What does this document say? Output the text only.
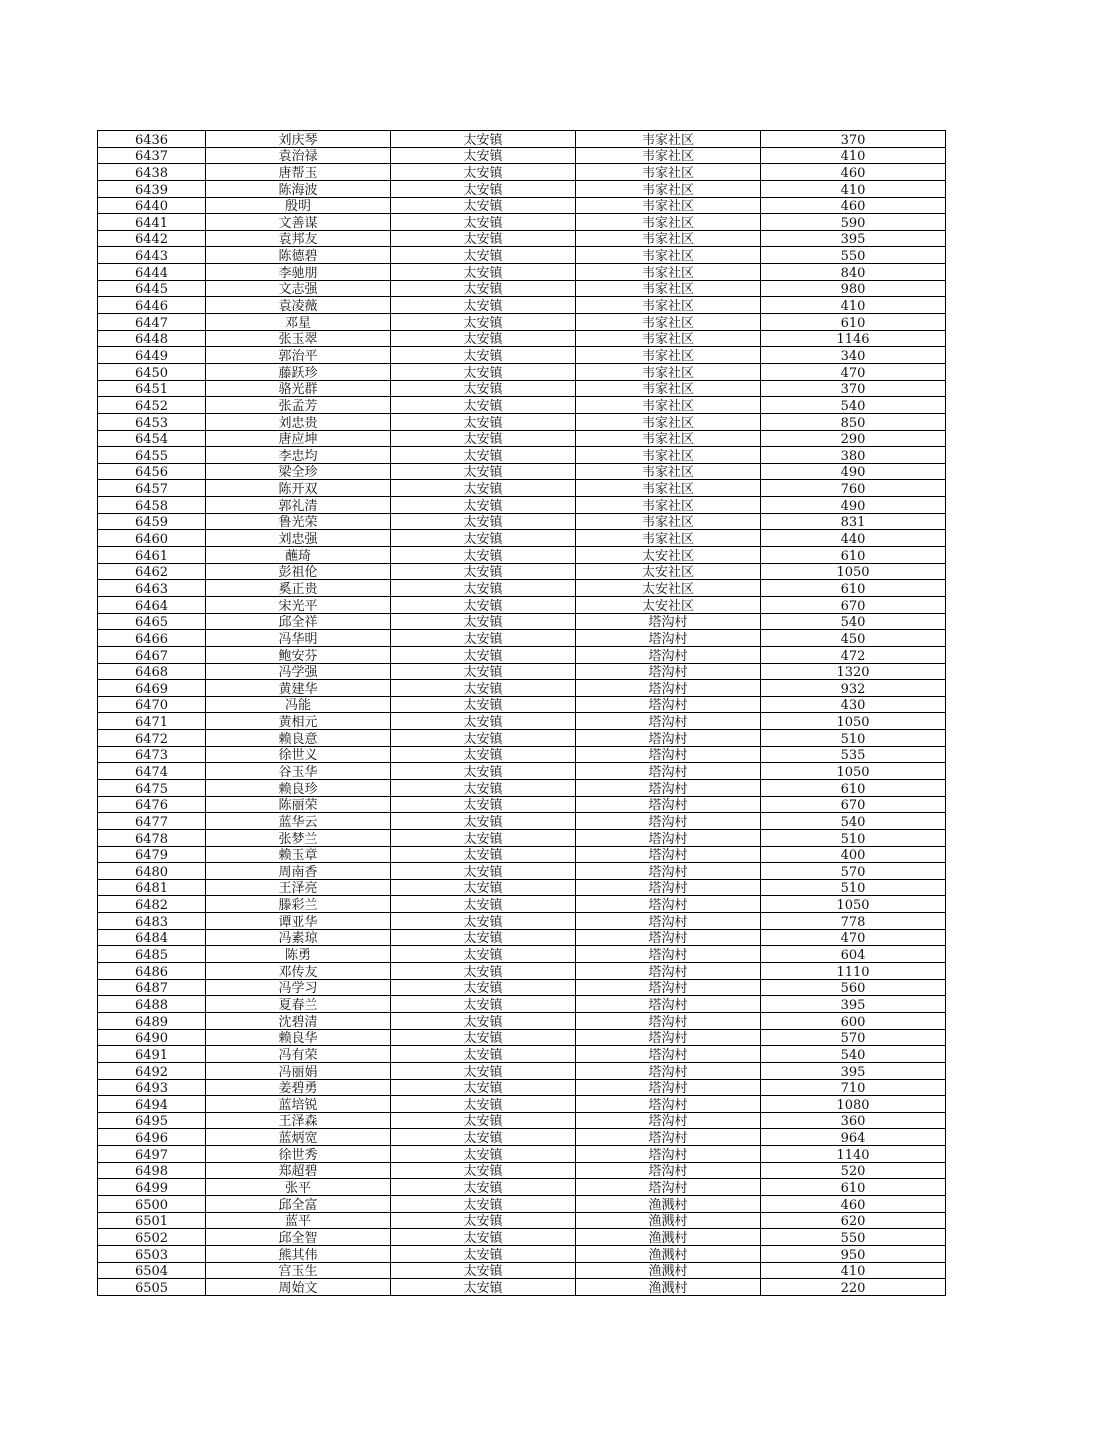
6436	刘庆琴	太安镇	韦家社区	370
6437	袁治禄	太安镇	韦家社区	410
6438	唐帮玉	太安镇	韦家社区	460
6439	陈海波	太安镇	韦家社区	410
6440	殷明	太安镇	韦家社区	460
6441	文善谋	太安镇	韦家社区	590
6442	袁邦友	太安镇	韦家社区	395
6443	陈德碧	太安镇	韦家社区	550
6444	李驰朋	太安镇	韦家社区	840
6445	文志强	太安镇	韦家社区	980
6446	袁凌薇	太安镇	韦家社区	410
6447	邓星	太安镇	韦家社区	610
6448	张玉翠	太安镇	韦家社区	1146
6449	郭治平	太安镇	韦家社区	340
6450	藤跃珍	太安镇	韦家社区	470
6451	骆光群	太安镇	韦家社区	370
6452	张孟芳	太安镇	韦家社区	540
6453	刘忠贵	太安镇	韦家社区	850
6454	唐应坤	太安镇	韦家社区	290
6455	李忠均	太安镇	韦家社区	380
6456	梁全珍	太安镇	韦家社区	490
6457	陈开双	太安镇	韦家社区	760
6458	郭礼清	太安镇	韦家社区	490
6459	鲁光荣	太安镇	韦家社区	831
6460	刘忠强	太安镇	韦家社区	440
6461	蘸琦	太安镇	太安社区	610
6462	彭祖伦	太安镇	太安社区	1050
6463	奚正贵	太安镇	太安社区	610
6464	宋光平	太安镇	太安社区	670
6465	邱全祥	太安镇	塔沟村	540
6466	冯华明	太安镇	塔沟村	450
6467	鲍安芬	太安镇	塔沟村	472
6468	冯学强	太安镇	塔沟村	1320
6469	黄建华	太安镇	塔沟村	932
6470	冯能	太安镇	塔沟村	430
6471	黄相元	太安镇	塔沟村	1050
6472	赖良意	太安镇	塔沟村	510
6473	徐世义	太安镇	塔沟村	535
6474	谷玉华	太安镇	塔沟村	1050
6475	赖良珍	太安镇	塔沟村	610
6476	陈丽荣	太安镇	塔沟村	670
6477	蓝华云	太安镇	塔沟村	540
6478	张梦兰	太安镇	塔沟村	510
6479	赖玉章	太安镇	塔沟村	400
6480	周南香	太安镇	塔沟村	570
6481	王泽亮	太安镇	塔沟村	510
6482	滕彩兰	太安镇	塔沟村	1050
6483	谭亚华	太安镇	塔沟村	778
6484	冯素琼	太安镇	塔沟村	470
6485	陈勇	太安镇	塔沟村	604
6486	邓传友	太安镇	塔沟村	1110
6487	冯学习	太安镇	塔沟村	560
6488	夏春兰	太安镇	塔沟村	395
6489	沈碧清	太安镇	塔沟村	600
6490	赖良华	太安镇	塔沟村	570
6491	冯有荣	太安镇	塔沟村	540
6492	冯丽娟	太安镇	塔沟村	395
6493	姜碧勇	太安镇	塔沟村	710
6494	蓝培锐	太安镇	塔沟村	1080
6495	王泽森	太安镇	塔沟村	360
6496	蓝炳宽	太安镇	塔沟村	964
6497	徐世秀	太安镇	塔沟村	1140
6498	郑超碧	太安镇	塔沟村	520
6499	张平	太安镇	塔沟村	610
6500	邱全富	太安镇	渔溅村	460
6501	蓝平	太安镇	渔溅村	620
6502	邱全智	太安镇	渔溅村	550
6503	熊其伟	太安镇	渔溅村	950
6504	宫玉生	太安镇	渔溅村	410
6505	周始文	太安镇	渔溅村	220
